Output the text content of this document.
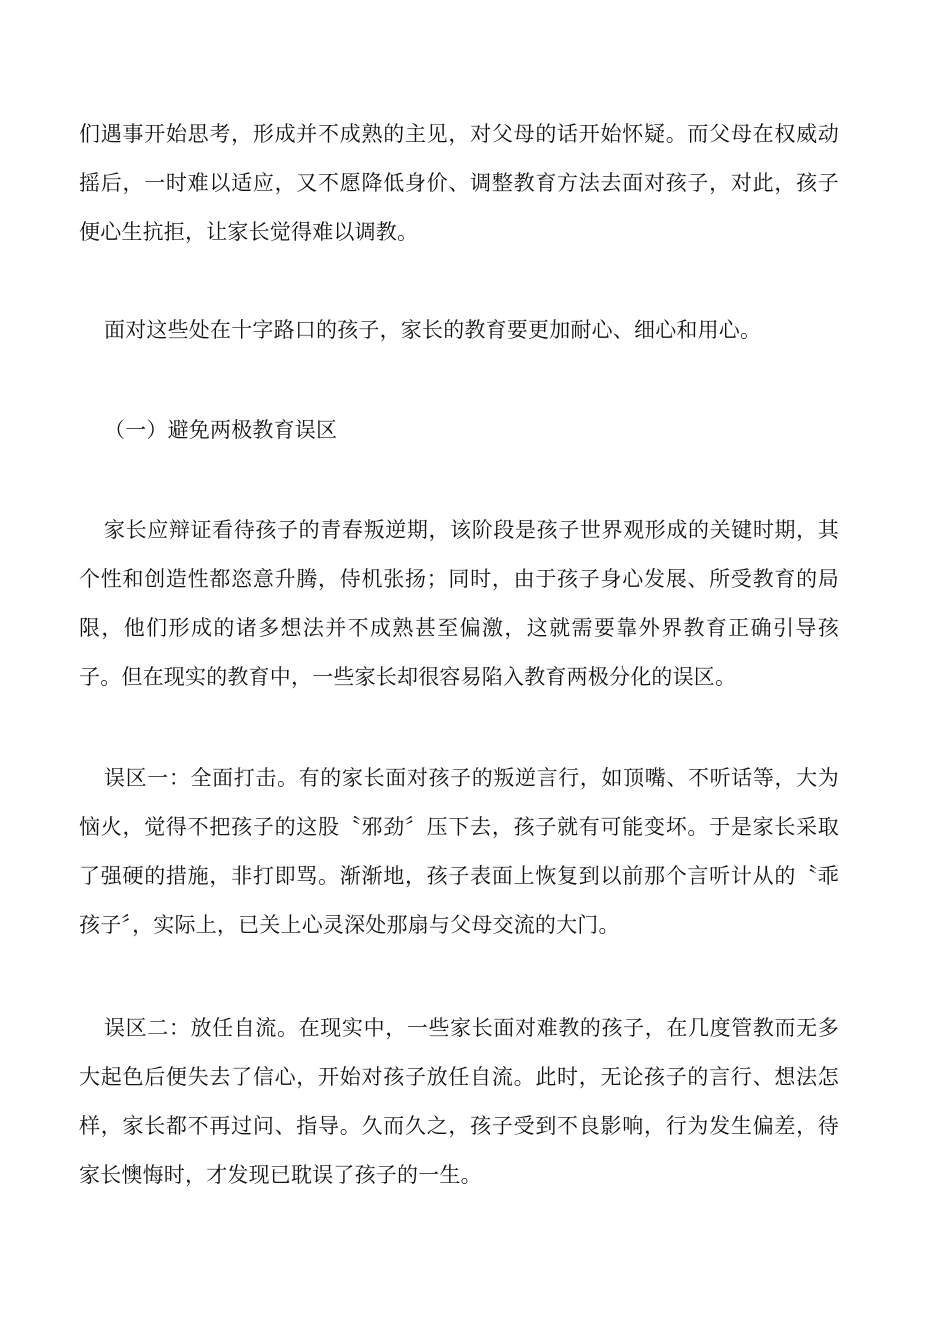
们遇事开始思考，形成并不成熟的主见，对父母的话开始怀疑。而父母在权威动摇后，一时难以适应，又不愿降低身价、调整教育方法去面对孩子，对此，孩子便心生抗拒，让家长觉得难以调教。

面对这些处在十字路口的孩子，家长的教育要更加耐心、细心和用心。

（一）避免两极教育误区

家长应辩证看待孩子的青春叛逆期，该阶段是孩子世界观形成的关键时期，其个性和创造性都恣意升腾，侍机张扬；同时，由于孩子身心发展、所受教育的局限，他们形成的诸多想法并不成熟甚至偏激，这就需要靠外界教育正确引导孩子。但在现实的教育中，一些家长却很容易陷入教育两极分化的误区。

误区一：全面打击。有的家长面对孩子的叛逆言行，如顶嘴、不听话等，大为恼火，觉得不把孩子的这股〝邪劲〞压下去，孩子就有可能变坏。于是家长采取了强硬的措施，非打即骂。渐渐地，孩子表面上恢复到以前那个言听计从的〝乖孩子〞，实际上，已关上心灵深处那扇与父母交流的大门。

误区二：放任自流。在现实中，一些家长面对难教的孩子，在几度管教而无多大起色后便失去了信心，开始对孩子放任自流。此时，无论孩子的言行、想法怎样，家长都不再过问、指导。久而久之，孩子受到不良影响，行为发生偏差，待家长懊悔时，才发现已耽误了孩子的一生。
